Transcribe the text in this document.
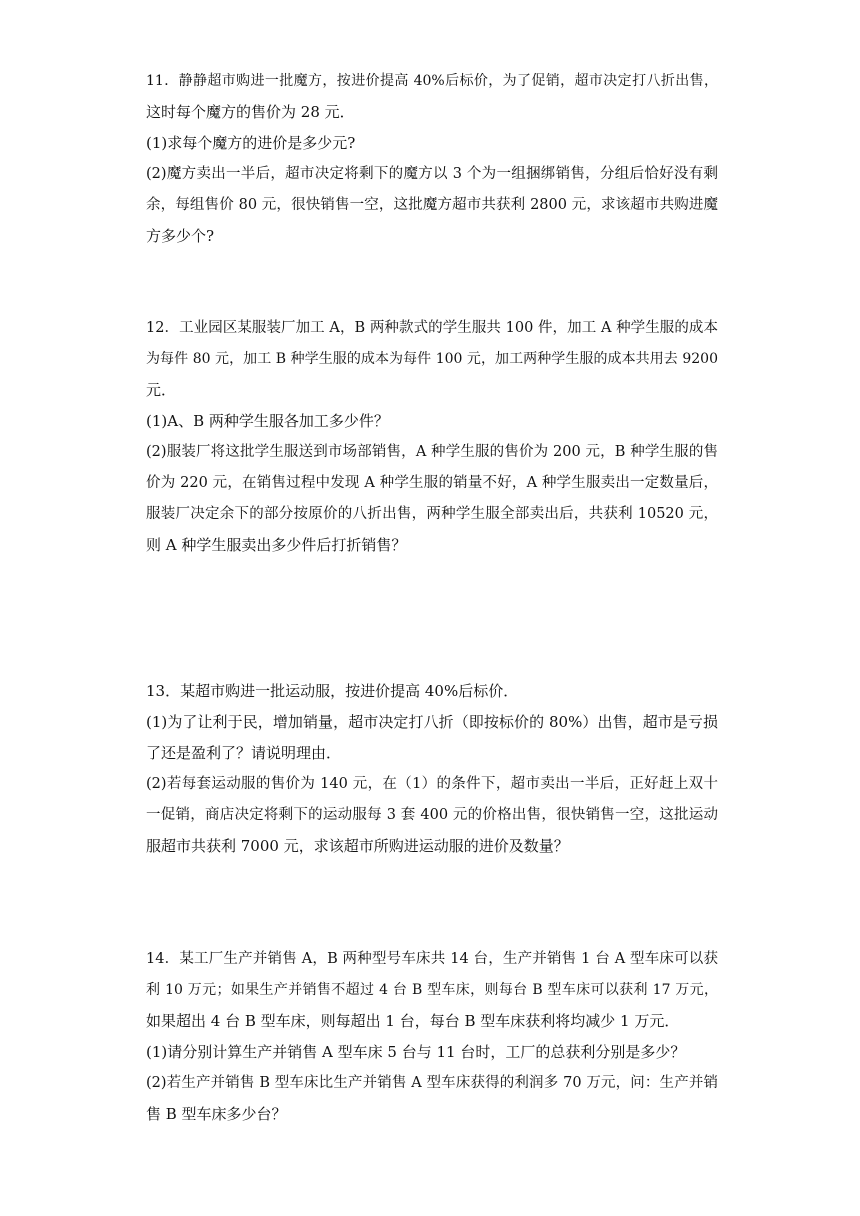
11．静静超市购进一批魔方，按进价提高 40%后标价，为了促销，超市决定打八折出售，
这时每个魔方的售价为 28 元．
(1)求每个魔方的进价是多少元?
(2)魔方卖出一半后，超市决定将剩下的魔方以 3 个为一组捆绑销售，分组后恰好没有剩
余，每组售价 80 元，很快销售一空，这批魔方超市共获利 2800 元，求该超市共购进魔
方多少个?
12．工业园区某服装厂加工 A，B 两种款式的学生服共 100 件，加工 A 种学生服的成本
为每件 80 元，加工 B 种学生服的成本为每件 100 元，加工两种学生服的成本共用去 9200
元．
(1)A、B 两种学生服各加工多少件？
(2)服装厂将这批学生服送到市场部销售，A 种学生服的售价为 200 元，B 种学生服的售
价为 220 元，在销售过程中发现 A 种学生服的销量不好，A 种学生服卖出一定数量后，
服装厂决定余下的部分按原价的八折出售，两种学生服全部卖出后，共获利 10520 元，
则 A 种学生服卖出多少件后打折销售？
13．某超市购进一批运动服，按进价提高 40%后标价．
(1)为了让利于民，增加销量，超市决定打八折（即按标价的 80%）出售，超市是亏损
了还是盈利了？请说明理由．
(2)若每套运动服的售价为 140 元，在（1）的条件下，超市卖出一半后，正好赶上双十
一促销，商店决定将剩下的运动服每 3 套 400 元的价格出售，很快销售一空，这批运动
服超市共获利 7000 元，求该超市所购进运动服的进价及数量？
14．某工厂生产并销售 A，B 两种型号车床共 14 台，生产并销售 1 台 A 型车床可以获
利 10 万元；如果生产并销售不超过 4 台 B 型车床，则每台 B 型车床可以获利 17 万元，
如果超出 4 台 B 型车床，则每超出 1 台，每台 B 型车床获利将均减少 1 万元．
(1)请分别计算生产并销售 A 型车床 5 台与 11 台时，工厂的总获利分别是多少？
(2)若生产并销售 B 型车床比生产并销售 A 型车床获得的利润多 70 万元，问：生产并销
售 B 型车床多少台？
